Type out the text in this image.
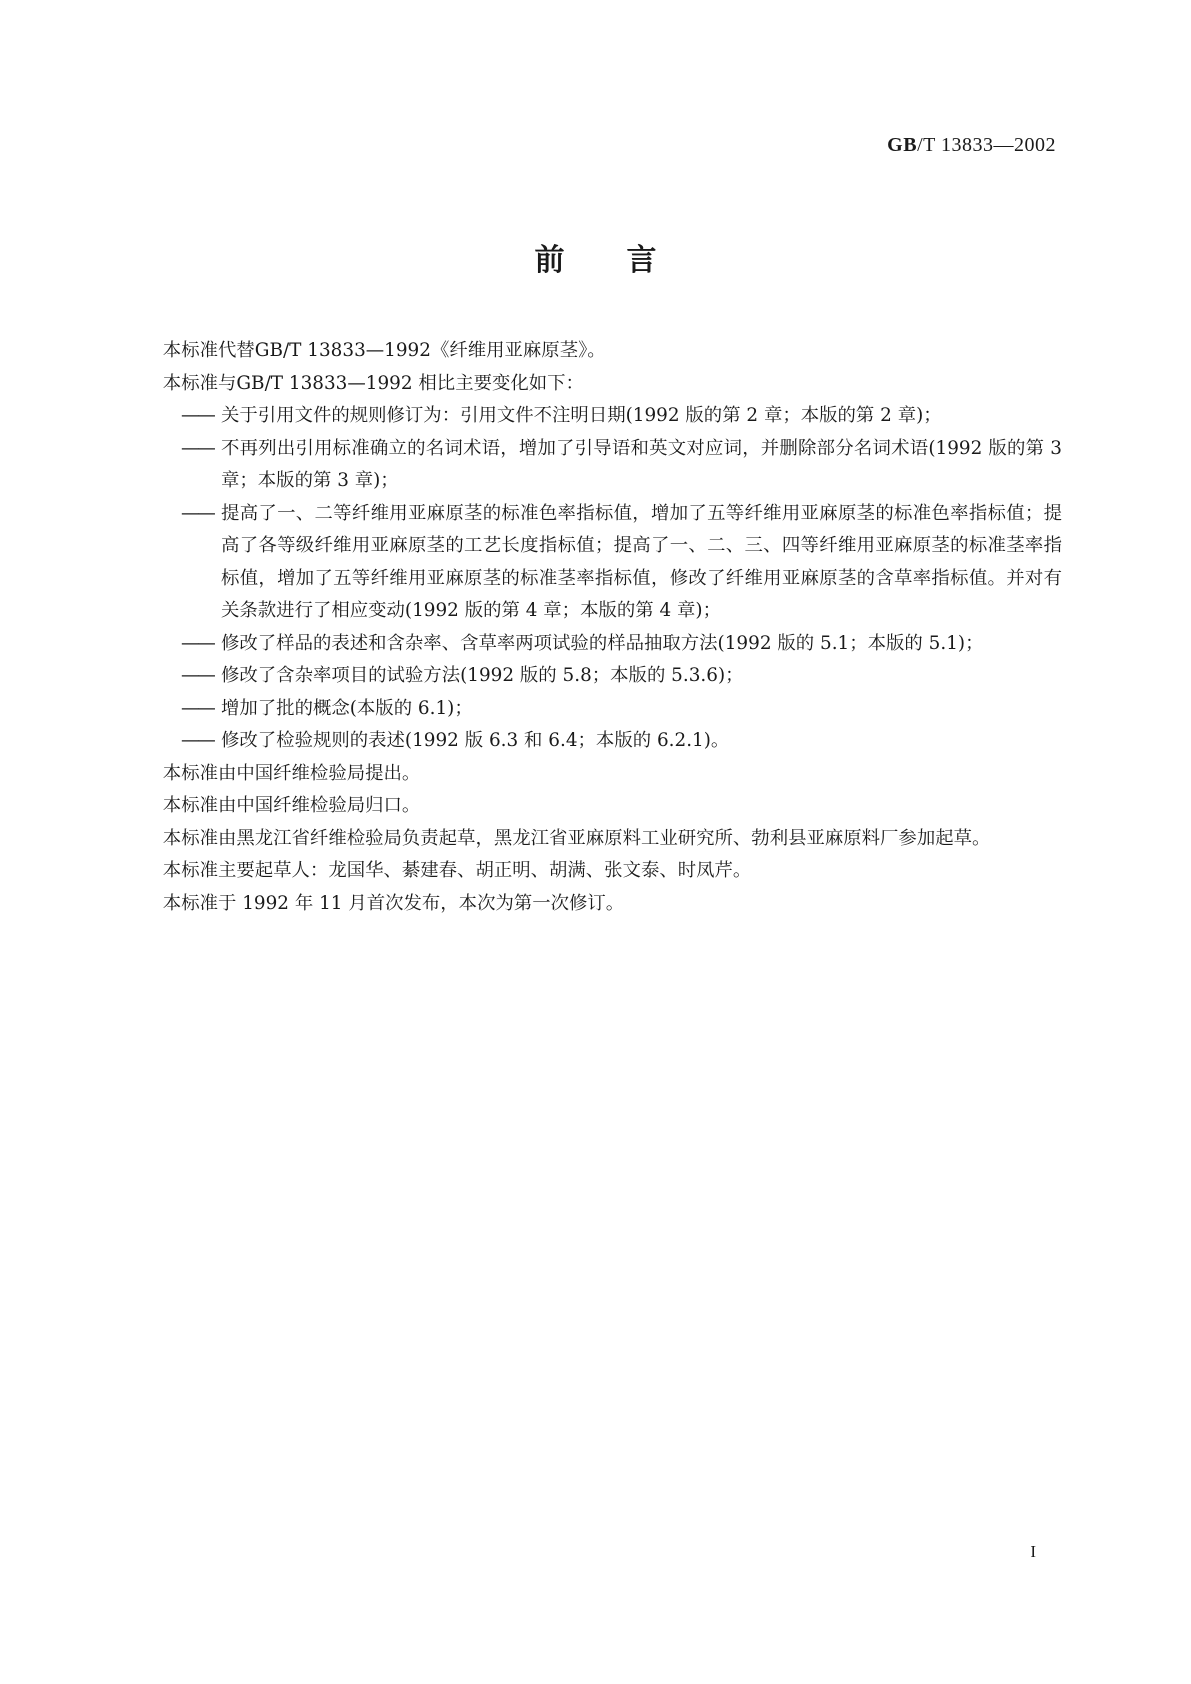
GB/T 13833—2002
前言

本标准代替GB/T 13833—1992《纤维用亚麻原茎》。

本标准与GB/T 13833—1992 相比主要变化如下：

—— 关于引用文件的规则修订为：引用文件不注明日期(1992 版的第 2 章；本版的第 2 章)；
—— 不再列出引用标准确立的名词术语，增加了引导语和英文对应词，并删除部分名词术语(1992 版的第 3 章；本版的第 3 章)；
—— 提高了一、二等纤维用亚麻原茎的标准色率指标值，增加了五等纤维用亚麻原茎的标准色率指标值；提高了各等级纤维用亚麻原茎的工艺长度指标值；提高了一、二、三、四等纤维用亚麻原茎的标准茎率指标值，增加了五等纤维用亚麻原茎的标准茎率指标值，修改了纤维用亚麻原茎的含草率指标值。并对有关条款进行了相应变动(1992 版的第 4 章；本版的第 4 章)；
—— 修改了样品的表述和含杂率、含草率两项试验的样品抽取方法(1992 版的 5.1；本版的 5.1)；
—— 修改了含杂率项目的试验方法(1992 版的 5.8；本版的 5.3.6)；
—— 增加了批的概念(本版的 6.1)；
—— 修改了检验规则的表述(1992 版 6.3 和 6.4；本版的 6.2.1)。

本标准由中国纤维检验局提出。

本标准由中国纤维检验局归口。

本标准由黑龙江省纤维检验局负责起草，黑龙江省亚麻原料工业研究所、勃利县亚麻原料厂参加起草。

本标准主要起草人：龙国华、綦建春、胡正明、胡满、张文泰、时凤芹。

本标准于 1992 年 11 月首次发布，本次为第一次修订。

I
